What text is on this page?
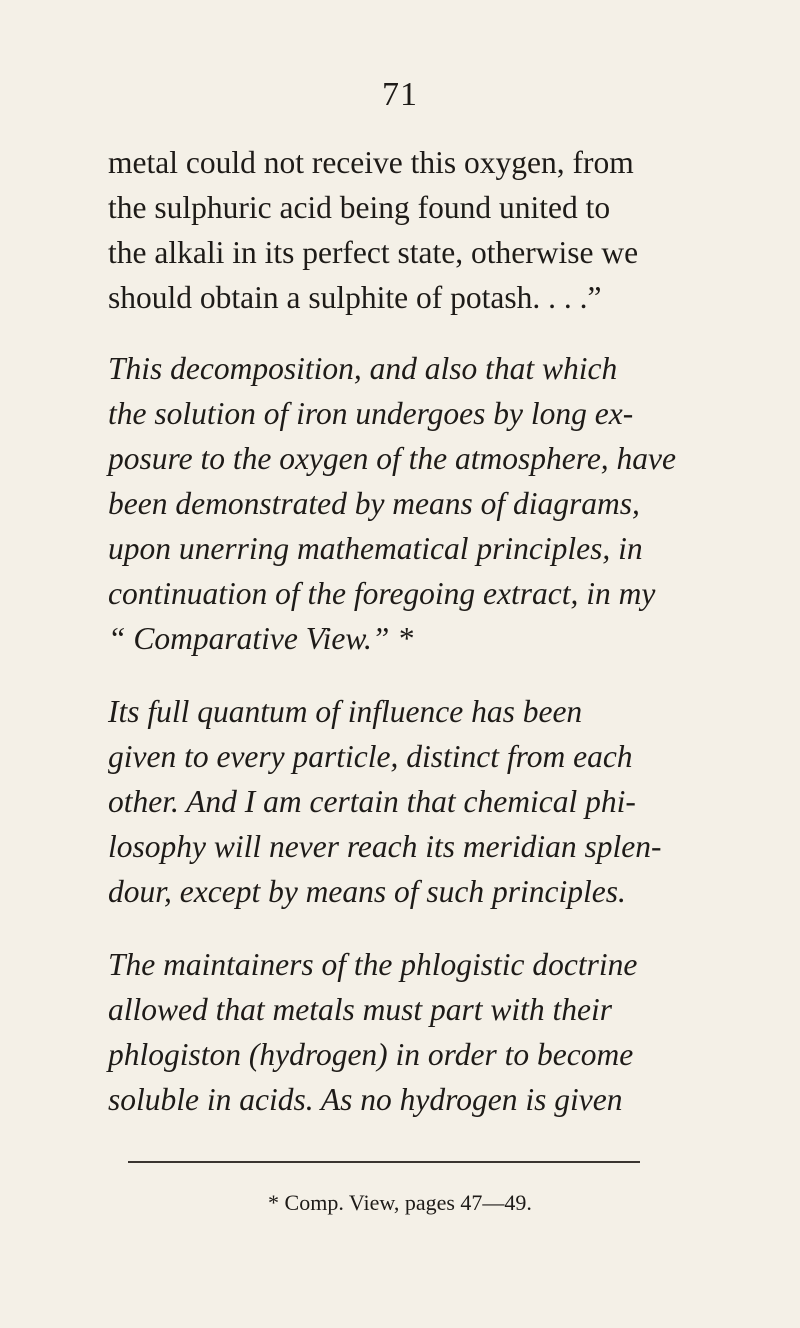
71
metal could not receive this oxygen, from
the sulphuric acid being found united to
the alkali in its perfect state, otherwise we
should obtain a sulphite of potash. . . .”
This decomposition, and also that which
the solution of iron undergoes by long ex-
posure to the oxygen of the atmosphere, have
been demonstrated by means of diagrams,
upon unerring mathematical principles, in
continuation of the foregoing extract, in my
“ Comparative View.” *
Its full quantum of influence has been
given to every particle, distinct from each
other. And I am certain that chemical phi-
losophy will never reach its meridian splen-
dour, except by means of such principles.
The maintainers of the phlogistic doctrine
allowed that metals must part with their
phlogiston (hydrogen) in order to become
soluble in acids. As no hydrogen is given
* Comp. View, pages 47—49.
